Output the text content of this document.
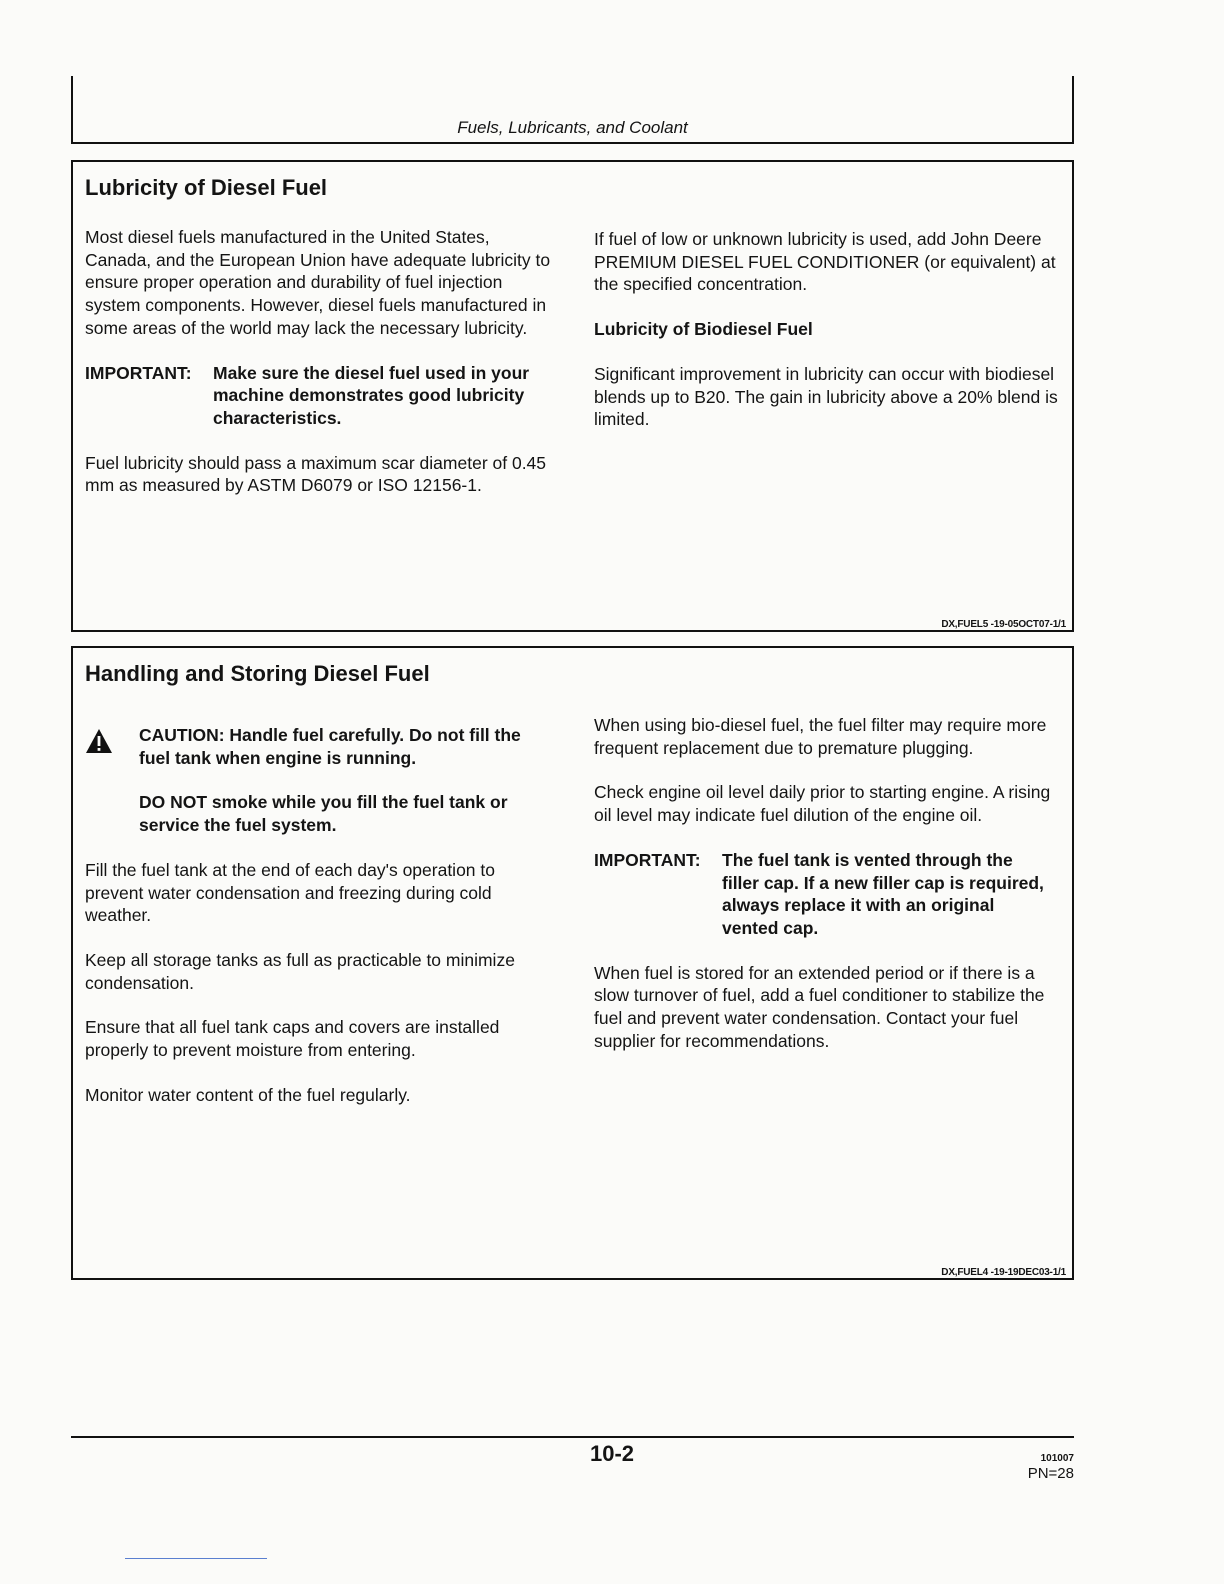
Fuels, Lubricants, and Coolant
Lubricity of Diesel Fuel

Most diesel fuels manufactured in the United States, Canada, and the European Union have adequate lubricity to ensure proper operation and durability of fuel injection system components. However, diesel fuels manufactured in some areas of the world may lack the necessary lubricity.

IMPORTANT:	Make sure the diesel fuel used in your machine demonstrates good lubricity characteristics.

Fuel lubricity should pass a maximum scar diameter of 0.45 mm as measured by ASTM D6079 or ISO 12156-1.

If fuel of low or unknown lubricity is used, add John Deere PREMIUM DIESEL FUEL CONDITIONER (or equivalent) at the specified concentration.

Lubricity of Biodiesel Fuel

Significant improvement in lubricity can occur with biodiesel blends up to B20. The gain in lubricity above a 20% blend is limited.

DX,FUEL5 -19-05OCT07-1/1
Handling and Storing Diesel Fuel

CAUTION: Handle fuel carefully. Do not fill the fuel tank when engine is running.

DO NOT smoke while you fill the fuel tank or service the fuel system.

Fill the fuel tank at the end of each day's operation to prevent water condensation and freezing during cold weather.

Keep all storage tanks as full as practicable to minimize condensation.

Ensure that all fuel tank caps and covers are installed properly to prevent moisture from entering.

Monitor water content of the fuel regularly.

When using bio-diesel fuel, the fuel filter may require more frequent replacement due to premature plugging.

Check engine oil level daily prior to starting engine. A rising oil level may indicate fuel dilution of the engine oil.

IMPORTANT:	The fuel tank is vented through the filler cap. If a new filler cap is required, always replace it with an original vented cap.

When fuel is stored for an extended period or if there is a slow turnover of fuel, add a fuel conditioner to stabilize the fuel and prevent water condensation. Contact your fuel supplier for recommendations.

DX,FUEL4 -19-19DEC03-1/1
10-2	101007
PN=28
